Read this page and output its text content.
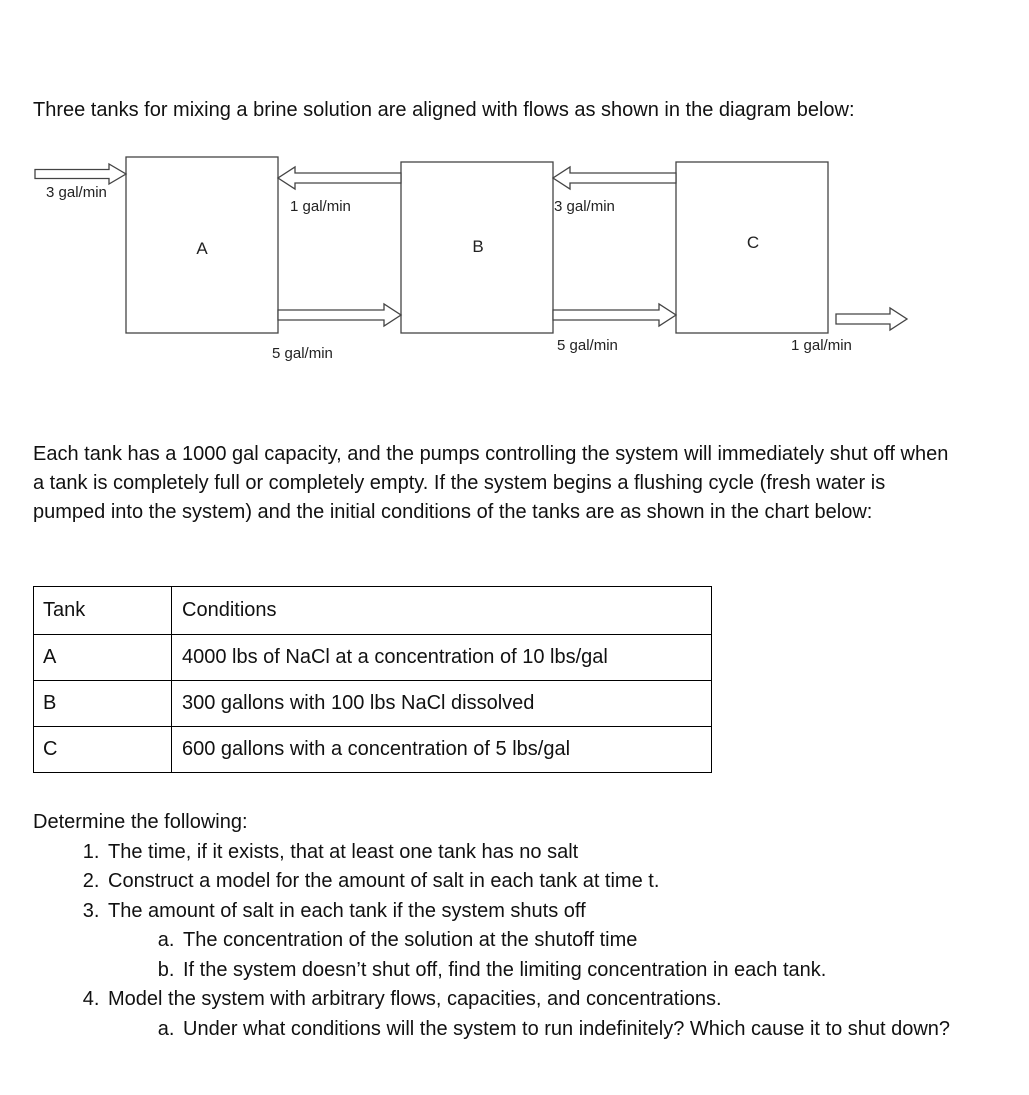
Three tanks for mixing a brine solution are aligned with flows as shown in the diagram below:

A	B	C
3 gal/min
1 gal/min
5 gal/min
3 gal/min
5 gal/min	1 gal/min

Each tank has a 1000 gal capacity, and the pumps controlling the system will immediately shut off when a tank is completely full or completely empty. If the system begins a flushing cycle (fresh water is pumped into the system) and the initial conditions of the tanks are as shown in the chart below:

Tank	Conditions
A	4000 lbs of NaCl at a concentration of 10 lbs/gal
B	300 gallons with 100 lbs NaCl dissolved
C	600 gallons with a concentration of 5 lbs/gal

Determine the following:

1. The time, if it exists, that at least one tank has no salt
2. Construct a model for the amount of salt in each tank at time t.
3. The amount of salt in each tank if the system shuts off
a. The concentration of the solution at the shutoff time
b. If the system doesn’t shut off, find the limiting concentration in each tank.
4. Model the system with arbitrary flows, capacities, and concentrations.
a. Under what conditions will the system to run indefinitely? Which cause it to shut down?
